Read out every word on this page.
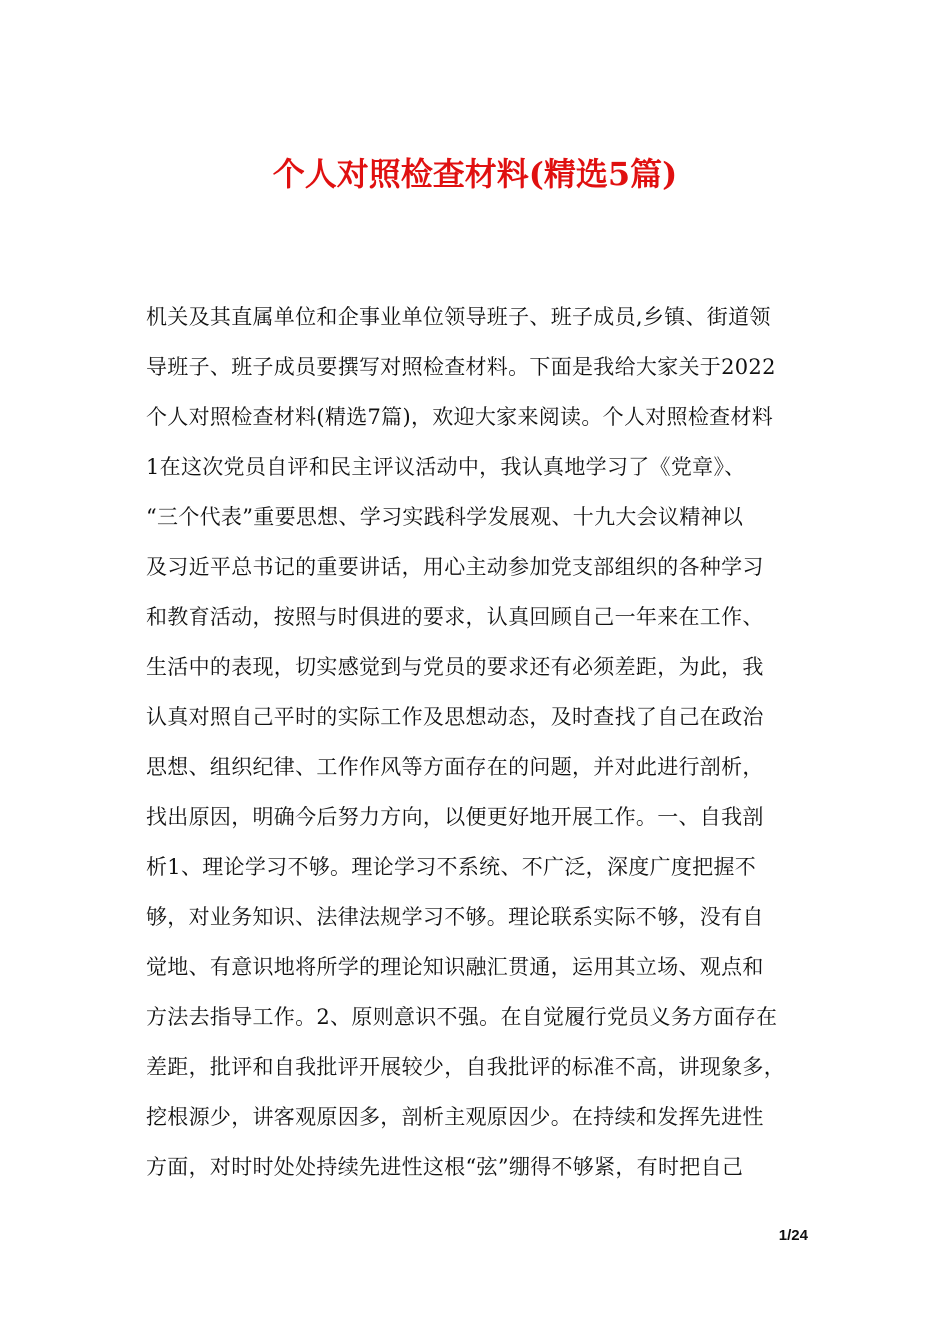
个人对照检查材料(精选5篇)
机关及其直属单位和企事业单位领导班子、班子成员,乡镇、街道领
导班子、班子成员要撰写对照检查材料。下面是我给大家关于2022
个人对照检查材料(精选7篇)，欢迎大家来阅读。个人对照检查材料
1在这次党员自评和民主评议活动中，我认真地学习了《党章》、
“三个代表”重要思想、学习实践科学发展观、十九大会议精神以
及习近平总书记的重要讲话，用心主动参加党支部组织的各种学习
和教育活动，按照与时俱进的要求，认真回顾自己一年来在工作、
生活中的表现，切实感觉到与党员的要求还有必须差距，为此，我
认真对照自己平时的实际工作及思想动态，及时查找了自己在政治
思想、组织纪律、工作作风等方面存在的问题，并对此进行剖析，
找出原因，明确今后努力方向，以便更好地开展工作。一、自我剖
析1、理论学习不够。理论学习不系统、不广泛，深度广度把握不
够，对业务知识、法律法规学习不够。理论联系实际不够，没有自
觉地、有意识地将所学的理论知识融汇贯通，运用其立场、观点和
方法去指导工作。2、原则意识不强。在自觉履行党员义务方面存在
差距，批评和自我批评开展较少，自我批评的标准不高，讲现象多，
挖根源少，讲客观原因多，剖析主观原因少。在持续和发挥先进性
方面，对时时处处持续先进性这根“弦”绷得不够紧，有时把自己
1/24
